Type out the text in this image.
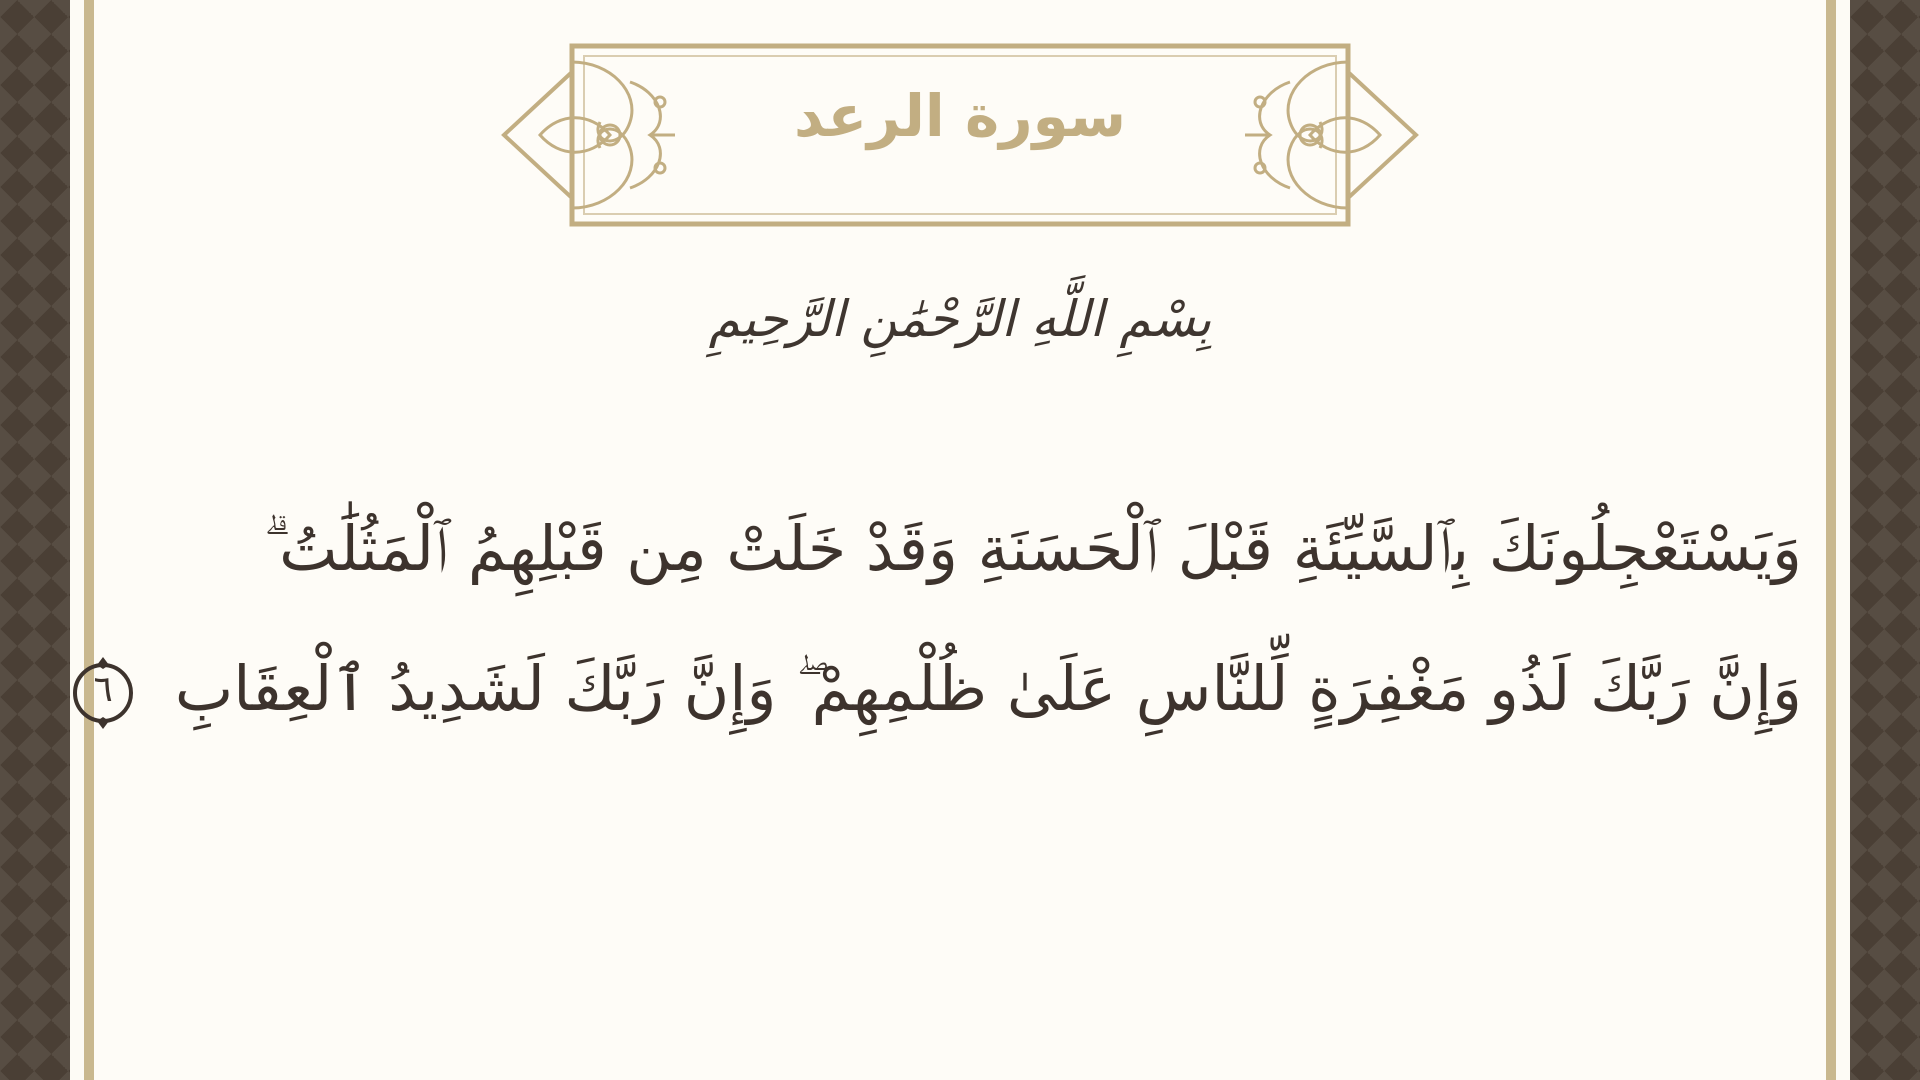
سورة الرعد
بِسْمِ اللَّهِ الرَّحْمَٰنِ الرَّحِيمِ
وَيَسْتَعْجِلُونَكَ بِٱلسَّيِّئَةِ قَبْلَ ٱلْحَسَنَةِ وَقَدْ خَلَتْ مِن قَبْلِهِمُ ٱلْمَثُلَٰتُ ۗ
وَإِنَّ رَبَّكَ لَذُو مَغْفِرَةٍ لِّلنَّاسِ عَلَىٰ ظُلْمِهِمْ ۖ وَإِنَّ رَبَّكَ لَشَدِيدُ ٱلْعِقَابِ
٦
